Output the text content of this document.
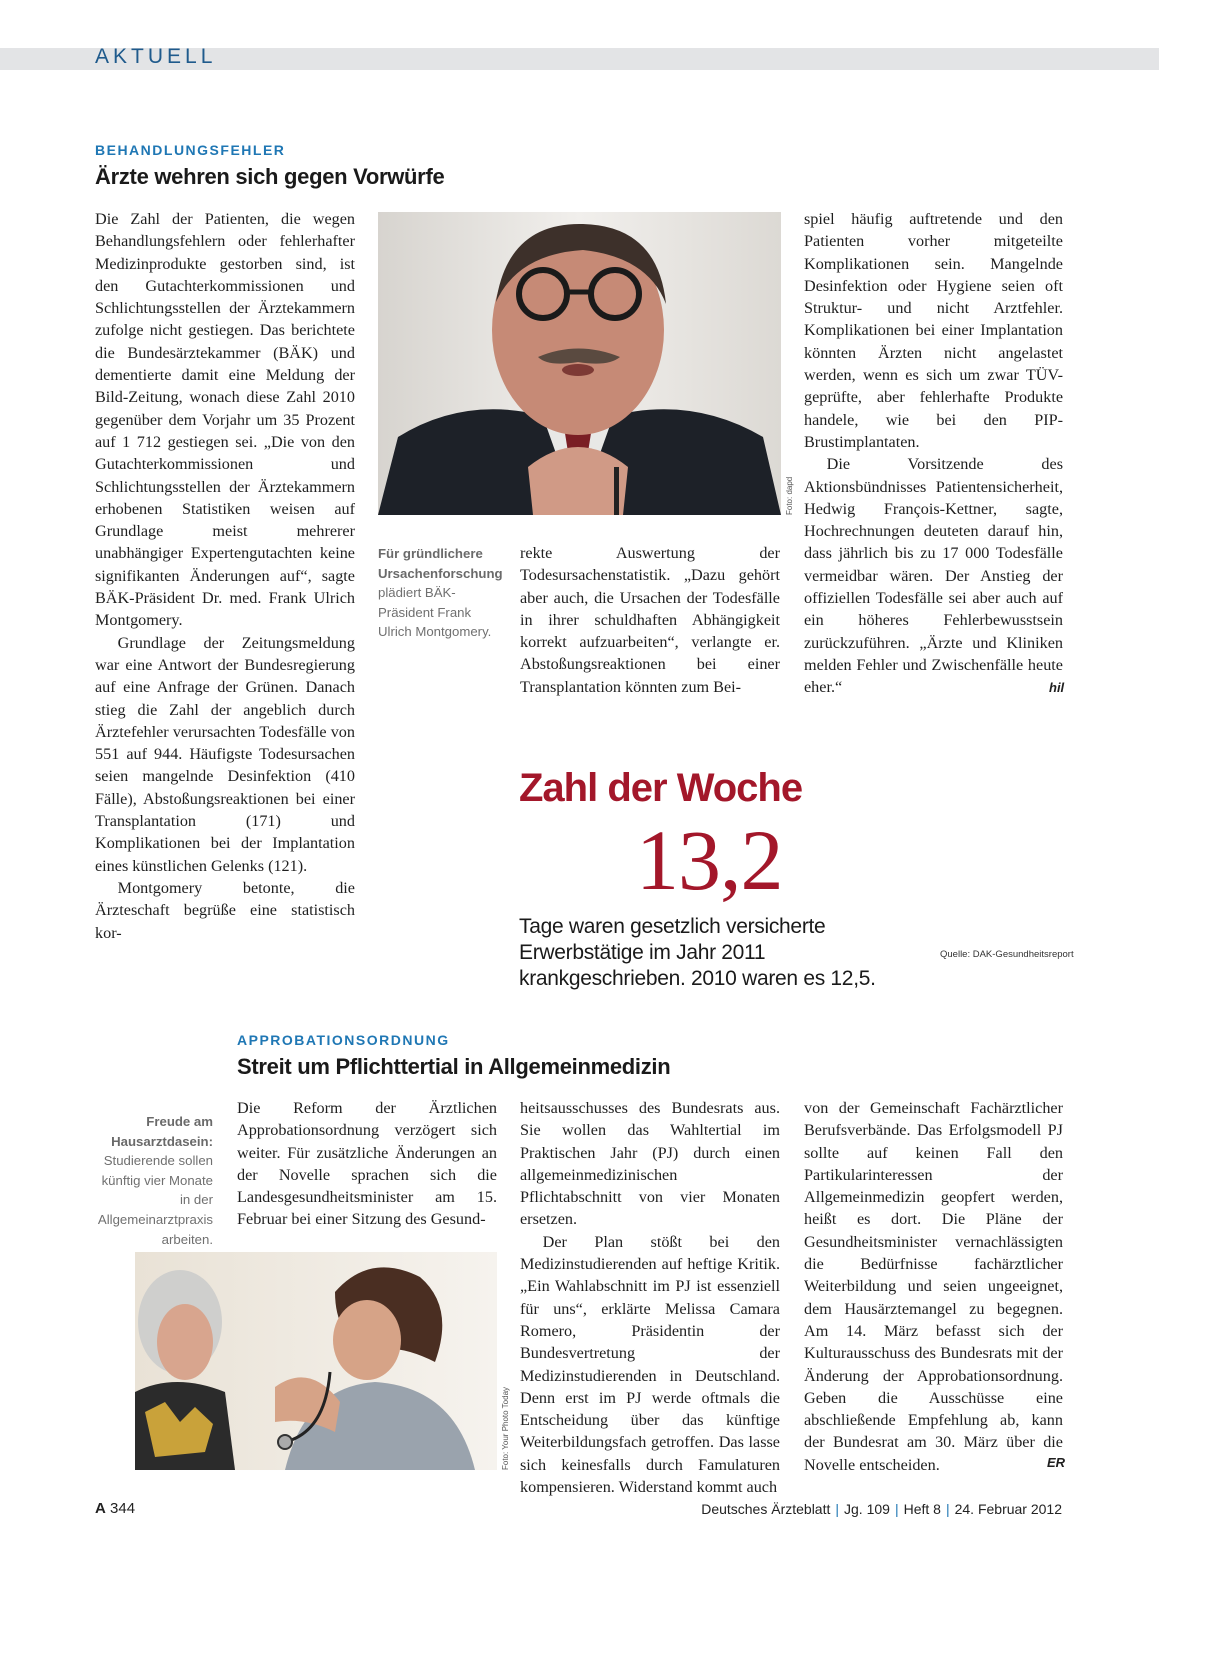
AKTUELL
BEHANDLUNGSFEHLER
Ärzte wehren sich gegen Vorwürfe

Die Zahl der Patienten, die wegen Behandlungsfehlern oder fehlerhafter Medizinprodukte gestorben sind, ist den Gutachterkommissionen und Schlichtungsstellen der Ärztekammern zufolge nicht gestiegen. Das berichtete die Bundesärztekammer (BÄK) und dementierte damit eine Meldung der Bild-Zeitung, wonach diese Zahl 2010 gegenüber dem Vorjahr um 35 Prozent auf 1 712 gestiegen sei. „Die von den Gutachterkommissionen und Schlichtungsstellen der Ärztekammern erhobenen Statistiken weisen auf Grundlage meist mehrerer unabhängiger Expertengutachten keine signifikanten Änderungen auf“, sagte BÄK-Präsident Dr. med. Frank Ulrich Montgomery.

Grundlage der Zeitungsmeldung war eine Antwort der Bundesregierung auf eine Anfrage der Grünen. Danach stieg die Zahl der angeblich durch Ärztefehler verursachten Todesfälle von 551 auf 944. Häufigste Todesursachen seien mangelnde Desinfektion (410 Fälle), Abstoßungsreaktionen bei einer Transplantation (171) und Komplikationen bei der Implantation eines künstlichen Gelenks (121).

Montgomery betonte, die Ärzteschaft begrüße eine statistisch kor-

Foto: dapd
Für gründlichere Ursachenforschung plädiert BÄK-Präsident Frank Ulrich Montgomery.

rekte Auswertung der Todesursachenstatistik. „Dazu gehört aber auch, die Ursachen der Todesfälle in ihrer schuldhaften Abhängigkeit korrekt aufzuarbeiten“, verlangte er. Abstoßungsreaktionen bei einer Transplantation könnten zum Bei-

spiel häufig auftretende und den Patienten vorher mitgeteilte Komplikationen sein. Mangelnde Desinfektion oder Hygiene seien oft Struktur- und nicht Arztfehler. Komplikationen bei einer Implantation könnten Ärzten nicht angelastet werden, wenn es sich um zwar TÜV-geprüfte, aber fehlerhafte Produkte handele, wie bei den PIP-Brustimplantaten.

Die Vorsitzende des Aktionsbündnisses Patientensicherheit, Hedwig François-Kettner, sagte, Hochrechnungen deuteten darauf hin, dass jährlich bis zu 17 000 Todesfälle vermeidbar wären. Der Anstieg der offiziellen Todesfälle sei aber auch auf ein höheres Fehlerbewusstsein zurückzuführen. „Ärzte und Kliniken melden Fehler und Zwischenfälle heute eher.“	hil
Zahl der Woche
13,2
Tage waren gesetzlich versicherte Erwerbstätige im Jahr 2011 krankgeschrieben. 2010 waren es 12,5.
Quelle: DAK-Gesundheitsreport
APPROBATIONSORDNUNG
Streit um Pflichttertial in Allgemeinmedizin
Freude am Hausarztdasein: Studierende sollen künftig vier Monate in der Allgemeinarztpraxis arbeiten.

Die Reform der Ärztlichen Approbationsordnung verzögert sich weiter. Für zusätzliche Änderungen an der Novelle sprachen sich die Landesgesundheitsminister am 15. Februar bei einer Sitzung des Gesund-

Foto: Your Photo Today

heitsausschusses des Bundesrats aus. Sie wollen das Wahltertial im Praktischen Jahr (PJ) durch einen allgemeinmedizinischen Pflichtabschnitt von vier Monaten ersetzen.

Der Plan stößt bei den Medizinstudierenden auf heftige Kritik. „Ein Wahlabschnitt im PJ ist essenziell für uns“, erklärte Melissa Camara Romero, Präsidentin der Bundesvertretung der Medizinstudierenden in Deutschland. Denn erst im PJ werde oftmals die Entscheidung über das künftige Weiterbildungsfach getroffen. Das lasse sich keinesfalls durch Famulaturen kompensieren. Widerstand kommt auch

von der Gemeinschaft Fachärztlicher Berufsverbände. Das Erfolgsmodell PJ sollte auf keinen Fall den Partikularinteressen der Allgemeinmedizin geopfert werden, heißt es dort. Die Pläne der Gesundheitsminister vernachlässigten die Bedürfnisse fachärztlicher Weiterbildung und seien ungeeignet, dem Hausärztemangel zu begegnen. Am 14. März befasst sich der Kulturausschuss des Bundesrats mit der Änderung der Approbationsordnung. Geben die Ausschüsse eine abschließende Empfehlung ab, kann der Bundesrat am 30. März über die Novelle entscheiden.	ER
A 344	Deutsches Ärzteblatt | Jg. 109 | Heft 8 | 24. Februar 2012
